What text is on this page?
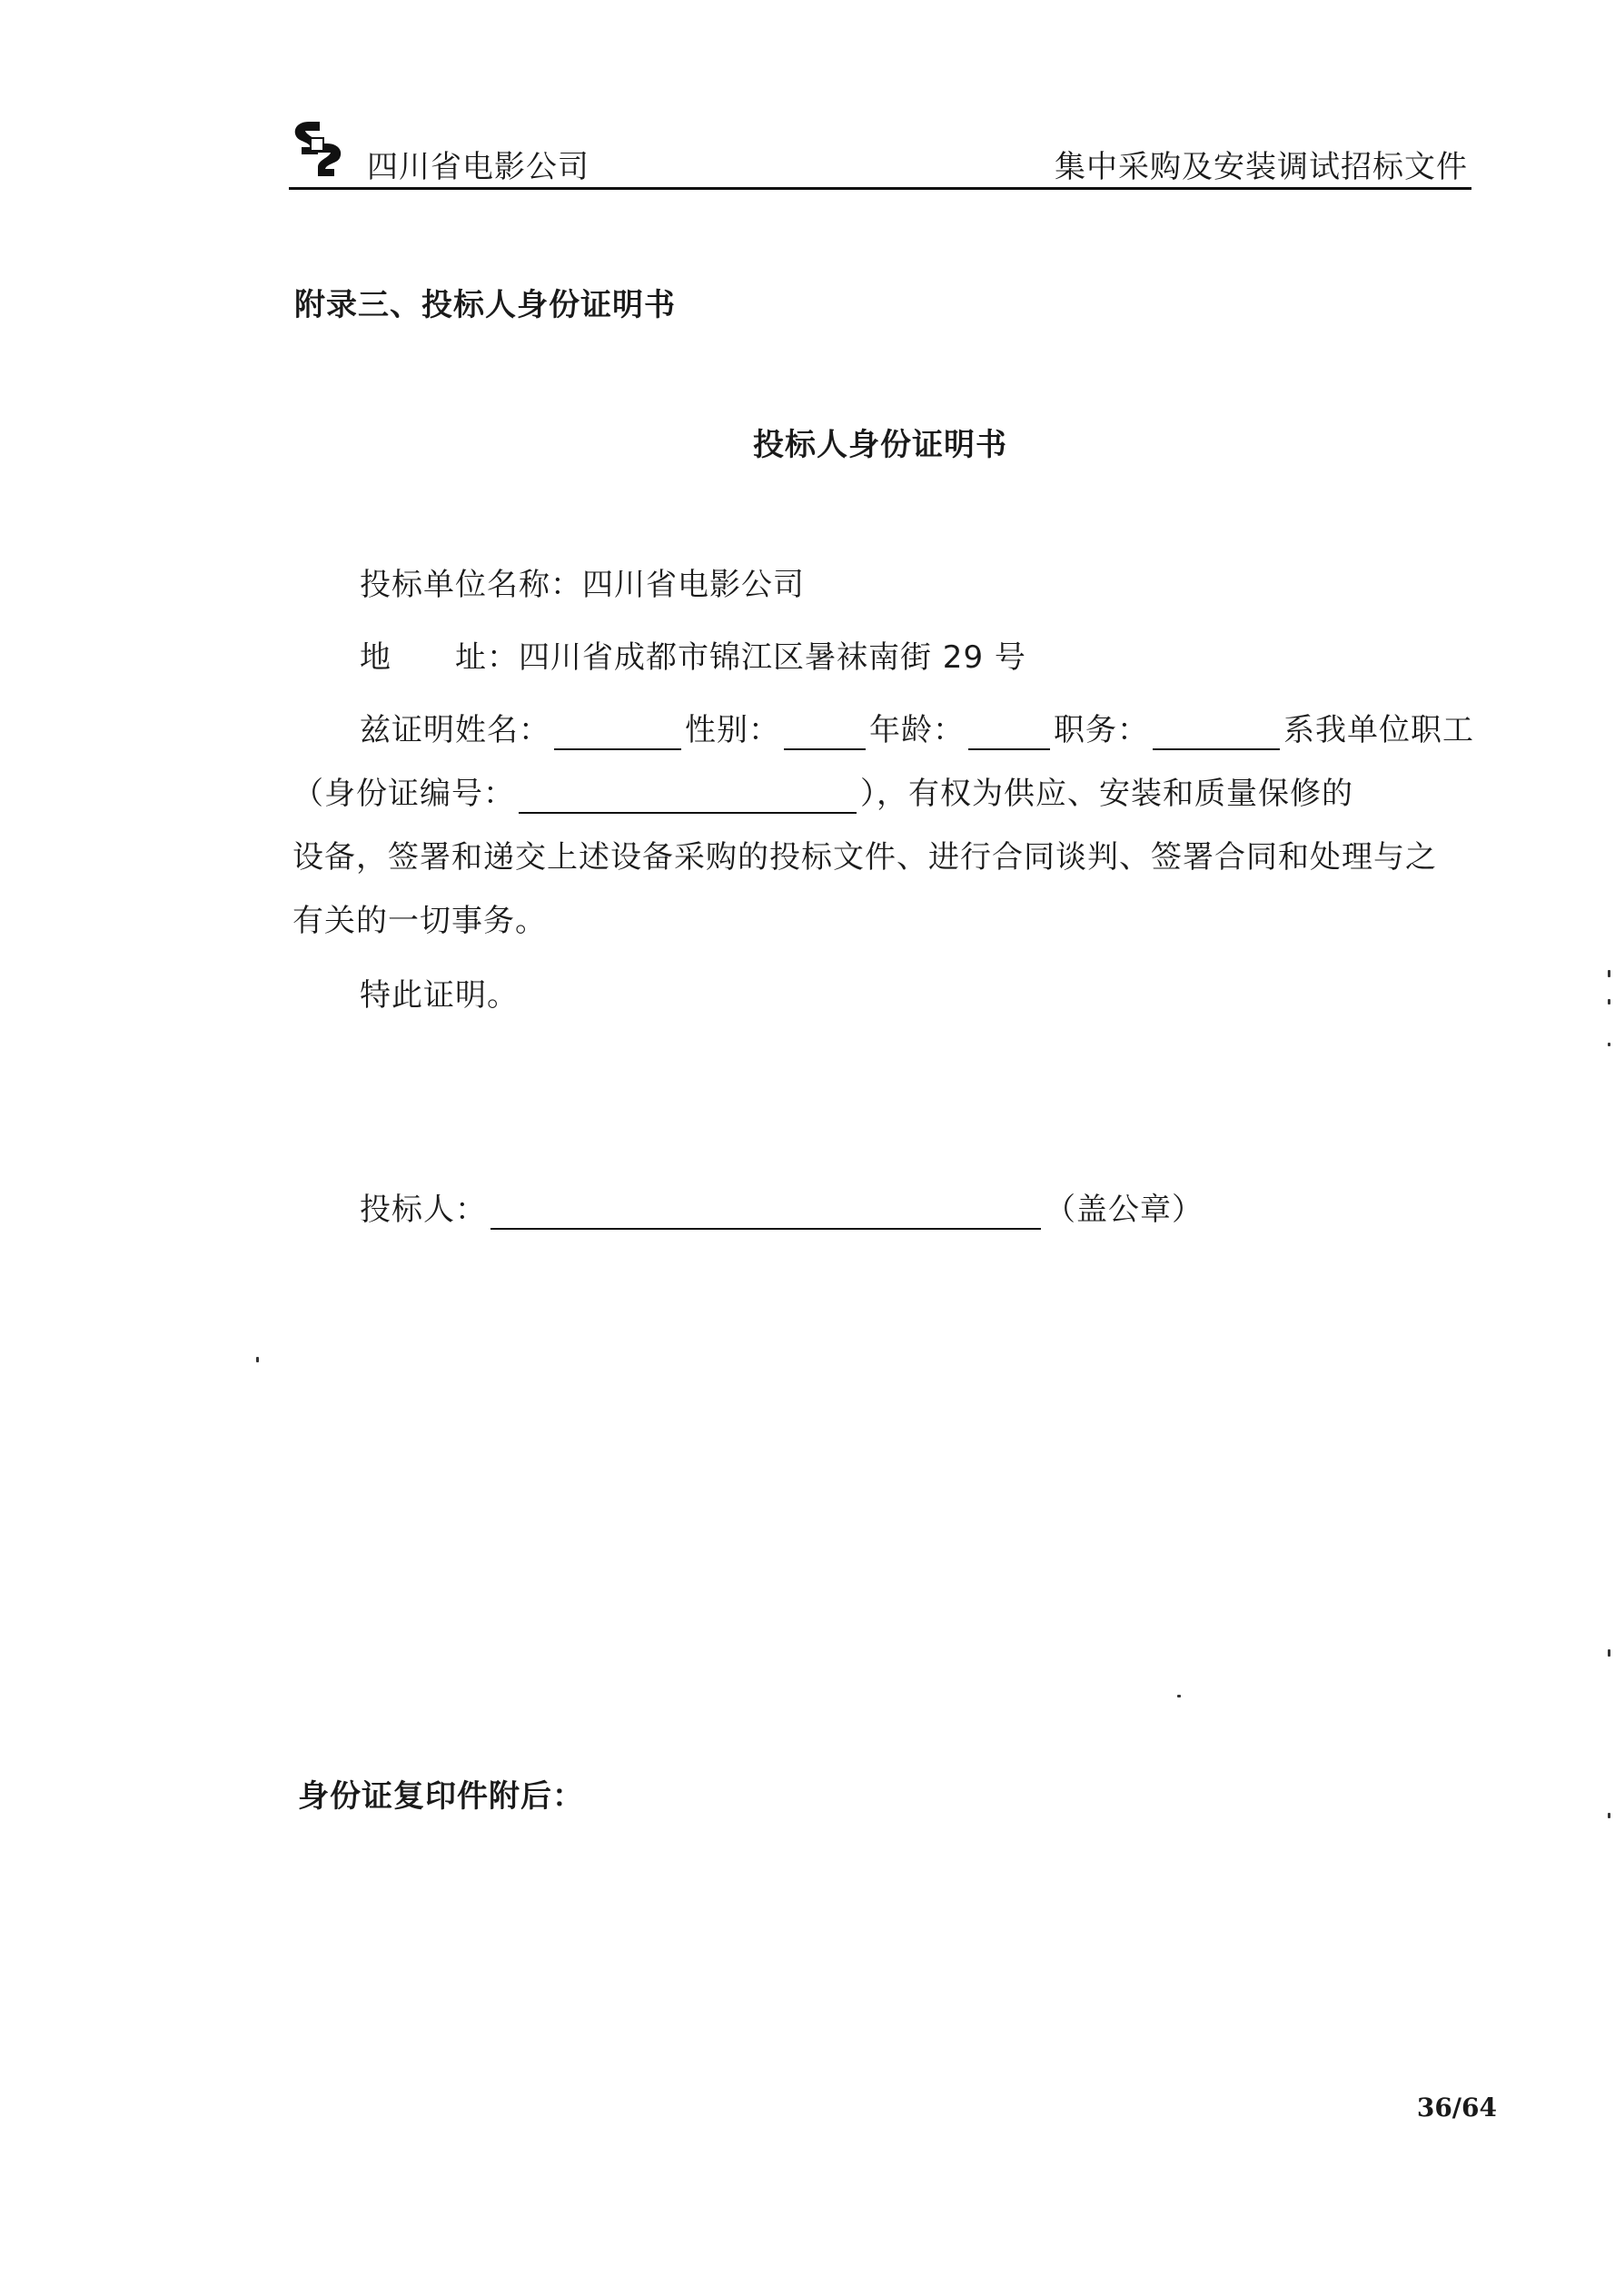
四川省电影公司	集中采购及安装调试招标文件
附录三、投标人身份证明书
投标人身份证明书
投标单位名称：四川省电影公司
地 址：四川省成都市锦江区暑袜南街 29 号
兹证明姓名：	性别：	年龄：	职务：	系我单位职工
（身份证编号：	），有权为供应、安装和质量保修的
设备，签署和递交上述设备采购的投标文件、进行合同谈判、签署合同和处理与之
有关的一切事务。
特此证明。
投标人：	（盖公章）
身份证复印件附后：
36/64
